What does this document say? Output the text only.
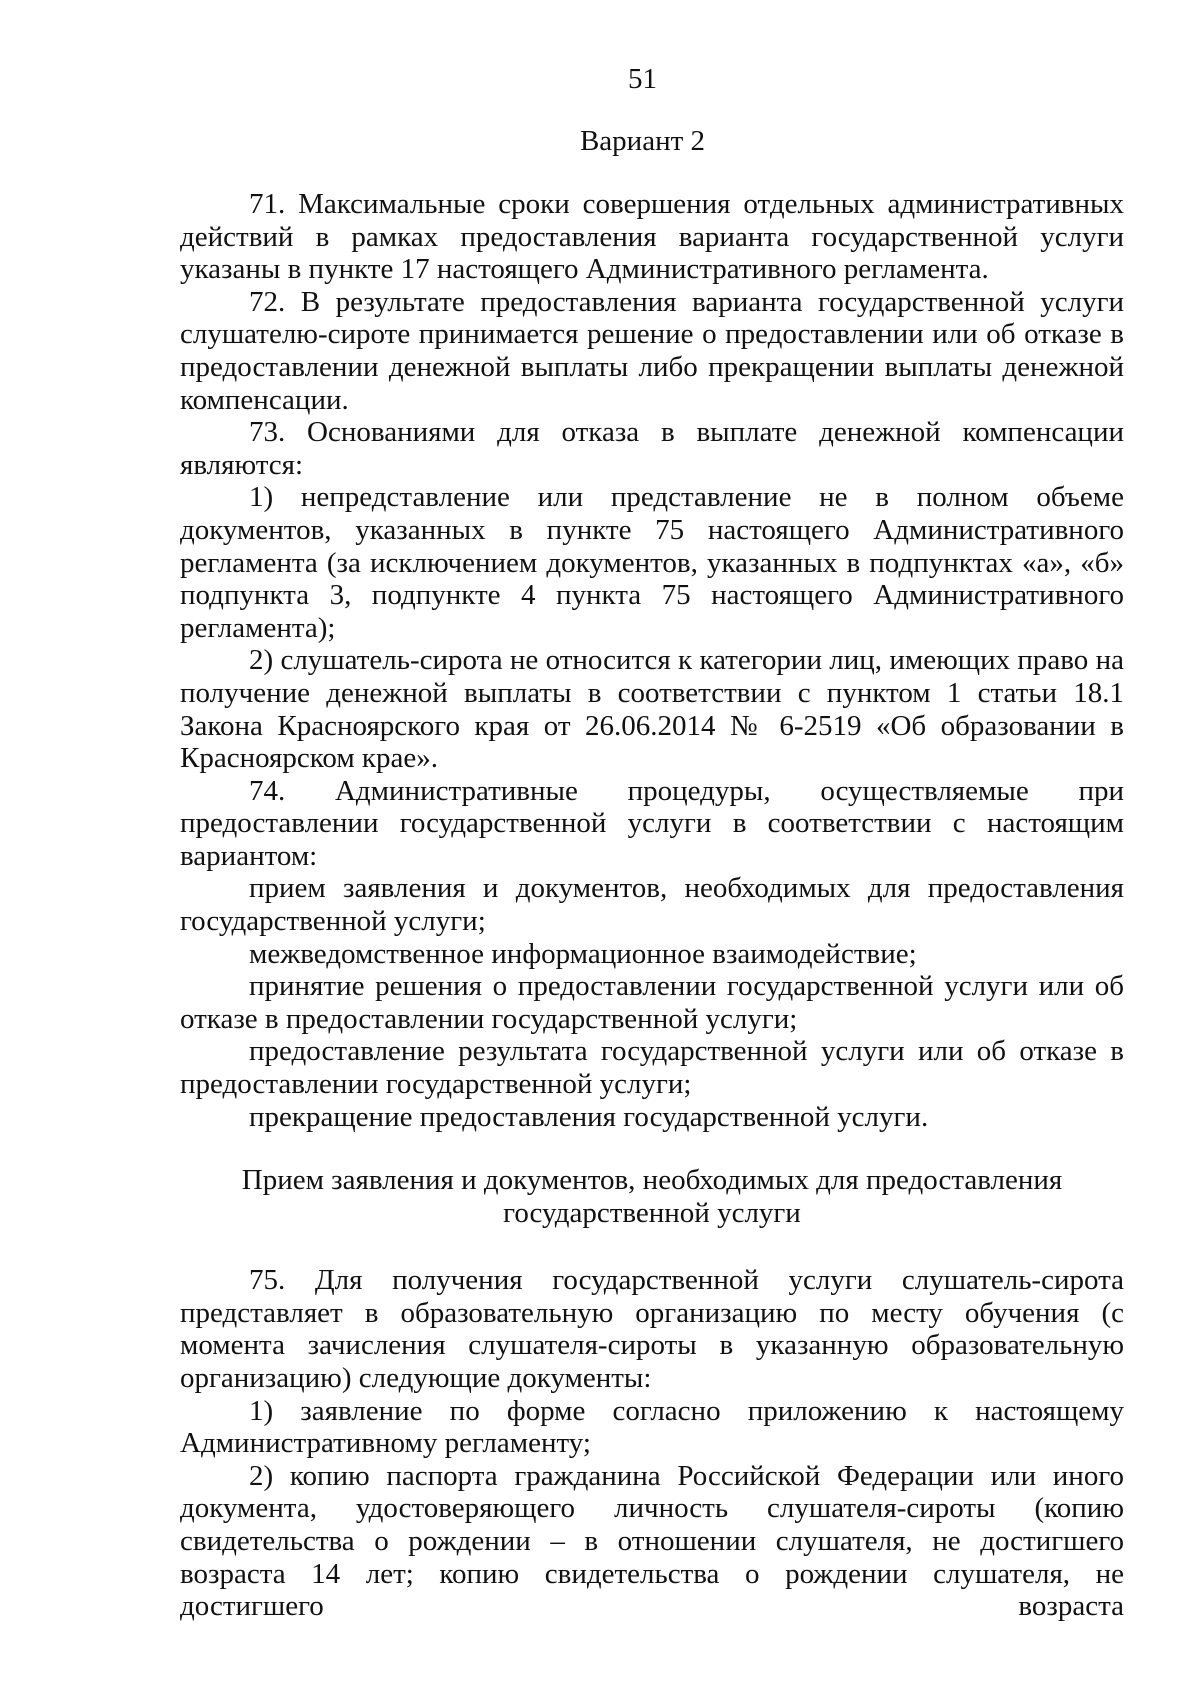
51
Вариант 2

71. Максимальные сроки совершения отдельных административных действий в рамках предоставления варианта государственной услуги указаны в пункте 17 настоящего Административного регламента.

72. В результате предоставления варианта государственной услуги слушателю-сироте принимается решение о предоставлении или об отказе в предоставлении денежной выплаты либо прекращении выплаты денежной компенсации.

73. Основаниями для отказа в выплате денежной компенсации являются:

1) непредставление или представление не в полном объеме документов, указанных в пункте 75 настоящего Административного регламента (за исключением документов, указанных в подпунктах «а», «б» подпункта 3, подпункте 4 пункта 75 настоящего Административного регламента);

2) слушатель-сирота не относится к категории лиц, имеющих право на получение денежной выплаты в соответствии с пунктом 1 статьи 18.1 Закона Красноярского края от 26.06.2014 № 6-2519 «Об образовании в Красноярском крае».

74. Административные процедуры, осуществляемые при предоставлении государственной услуги в соответствии с настоящим вариантом:

прием заявления и документов, необходимых для предоставления государственной услуги;

межведомственное информационное взаимодействие;

принятие решения о предоставлении государственной услуги или об отказе в предоставлении государственной услуги;

предоставление результата государственной услуги или об отказе в предоставлении государственной услуги;

прекращение предоставления государственной услуги.

Прием заявления и документов, необходимых для предоставления
государственной услуги

75. Для получения государственной услуги слушатель-сирота представляет в образовательную организацию по месту обучения (с момента зачисления слушателя-сироты в указанную образовательную организацию) следующие документы:

1) заявление по форме согласно приложению к настоящему Административному регламенту;

2) копию паспорта гражданина Российской Федерации или иного документа, удостоверяющего личность слушателя-сироты (копию свидетельства о рождении – в отношении слушателя, не достигшего возраста 14 лет; копию свидетельства о рождении слушателя, не достигшего возраста
